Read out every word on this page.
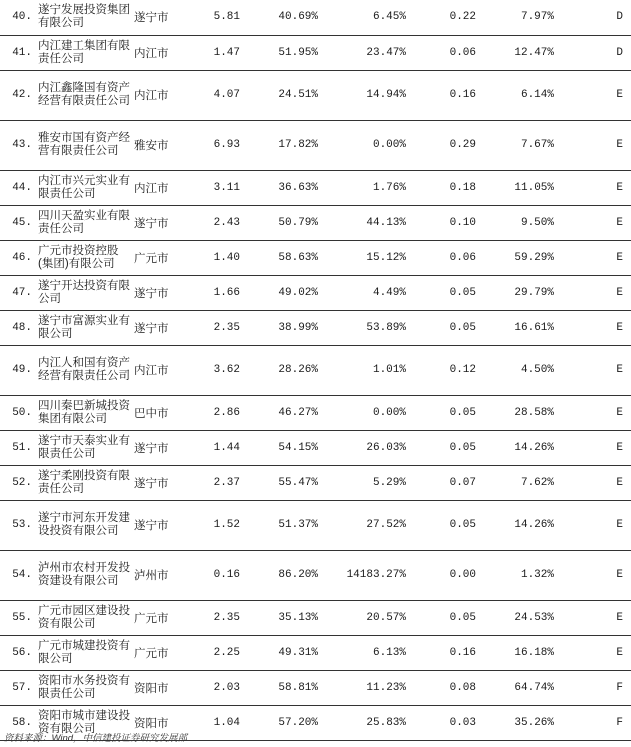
40.	遂宁发展投资集团有限公司	遂宁市	5.81	40.69%	6.45%	0.22	7.97%	D
41.	内江建工集团有限责任公司	内江市	1.47	51.95%	23.47%	0.06	12.47%	D
42.	内江鑫隆国有资产经营有限责任公司	内江市	4.07	24.51%	14.94%	0.16	6.14%	E
43.	雅安市国有资产经营有限责任公司	雅安市	6.93	17.82%	0.00%	0.29	7.67%	E
44.	内江市兴元实业有限责任公司	内江市	3.11	36.63%	1.76%	0.18	11.05%	E
45.	四川天盈实业有限责任公司	遂宁市	2.43	50.79%	44.13%	0.10	9.50%	E
46.	广元市投资控股(集团)有限公司	广元市	1.40	58.63%	15.12%	0.06	59.29%	E
47.	遂宁开达投资有限公司	遂宁市	1.66	49.02%	4.49%	0.05	29.79%	E
48.	遂宁市富源实业有限公司	遂宁市	2.35	38.99%	53.89%	0.05	16.61%	E
49.	内江人和国有资产经营有限责任公司	内江市	3.62	28.26%	1.01%	0.12	4.50%	E
50.	四川秦巴新城投资集团有限公司	巴中市	2.86	46.27%	0.00%	0.05	28.58%	E
51.	遂宁市天泰实业有限责任公司	遂宁市	1.44	54.15%	26.03%	0.05	14.26%	E
52.	遂宁柔刚投资有限责任公司	遂宁市	2.37	55.47%	5.29%	0.07	7.62%	E
53.	遂宁市河东开发建设投资有限公司	遂宁市	1.52	51.37%	27.52%	0.05	14.26%	E
54.	泸州市农村开发投资建设有限公司	泸州市	0.16	86.20%	14183.27%	0.00	1.32%	E
55.	广元市园区建设投资有限公司	广元市	2.35	35.13%	20.57%	0.05	24.53%	E
56.	广元市城建投资有限公司	广元市	2.25	49.31%	6.13%	0.16	16.18%	E
57.	资阳市水务投资有限责任公司	资阳市	2.03	58.81%	11.23%	0.08	64.74%	F
58.	资阳市城市建设投资有限公司	资阳市	1.04	57.20%	25.83%	0.03	35.26%	F
资料来源：Wind，中信建投证券研究发展部
